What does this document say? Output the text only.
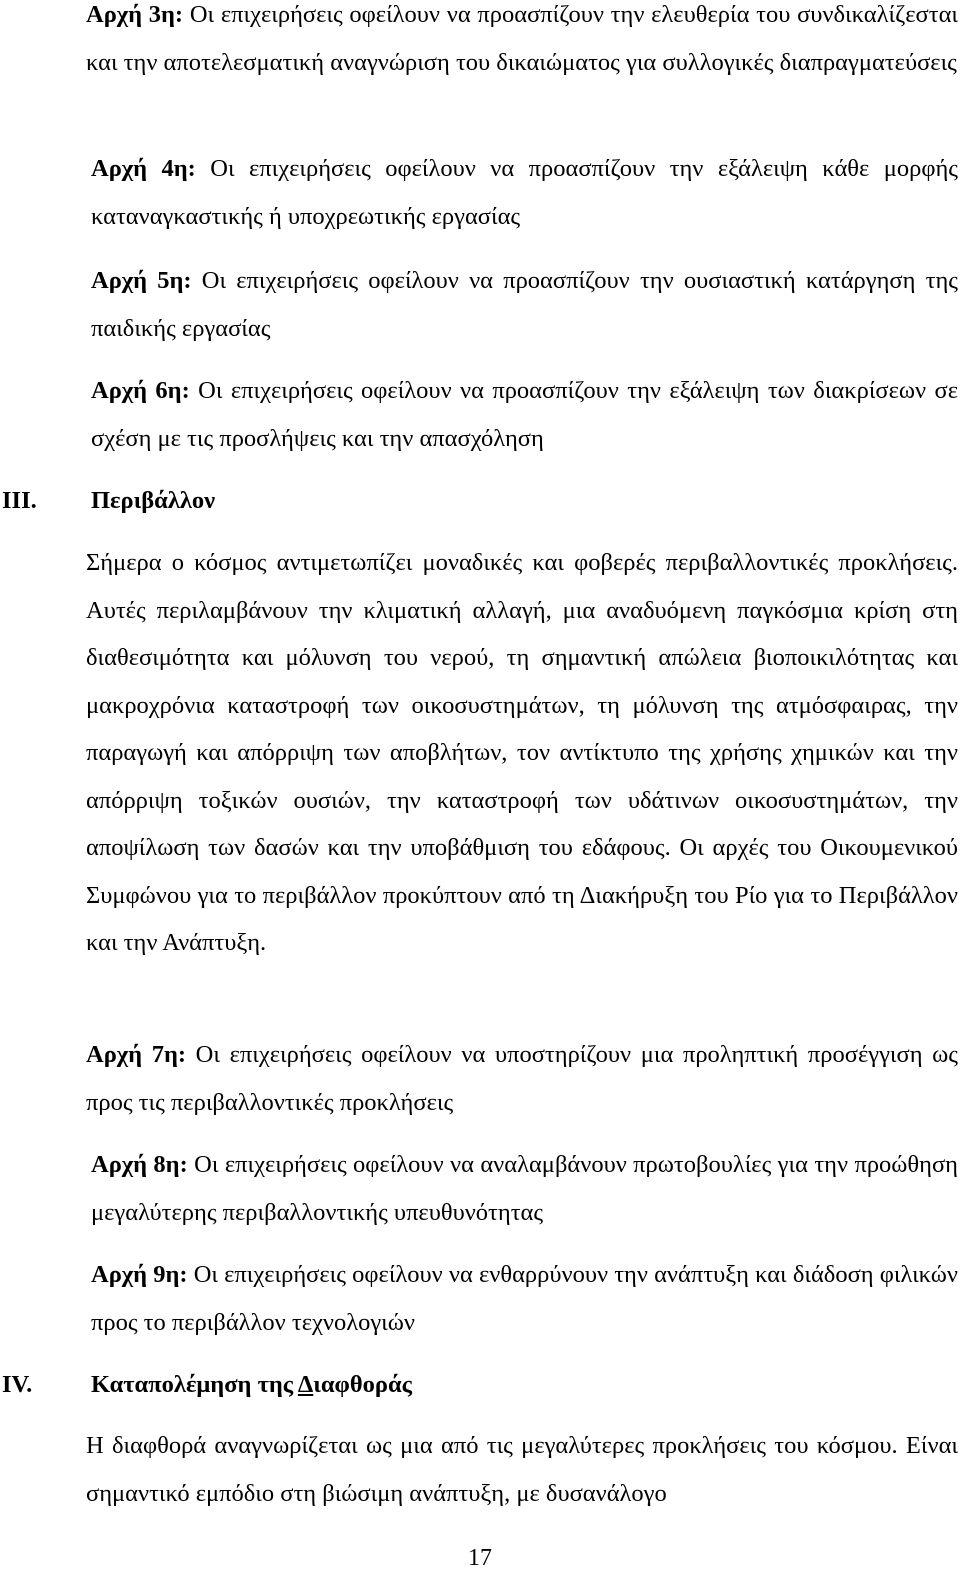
Αρχή 3η: Οι επιχειρήσεις οφείλουν να προασπίζουν την ελευθερία του συνδικαλίζεσται και την αποτελεσματική αναγνώριση του δικαιώματος για συλλογικές διαπραγματεύσεις

Αρχή 4η: Οι επιχειρήσεις οφείλουν να προασπίζουν την εξάλειψη κάθε μορφής καταναγκαστικής ή υποχρεωτικής εργασίας

Αρχή 5η: Οι επιχειρήσεις οφείλουν να προασπίζουν την ουσιαστική κατάργηση της παιδικής εργασίας

Αρχή 6η: Οι επιχειρήσεις οφείλουν να προασπίζουν την εξάλειψη των διακρίσεων σε σχέση με τις προσλήψεις και την απασχόληση

III. Περιβάλλον

Σήμερα ο κόσμος αντιμετωπίζει μοναδικές και φοβερές περιβαλλοντικές προκλήσεις. Αυτές περιλαμβάνουν την κλιματική αλλαγή, μια αναδυόμενη παγκόσμια κρίση στη διαθεσιμότητα και μόλυνση του νερού, τη σημαντική απώλεια βιοποικιλότητας και μακροχρόνια καταστροφή των οικοσυστημάτων, τη μόλυνση της ατμόσφαιρας, την παραγωγή και απόρριψη των αποβλήτων, τον αντίκτυπο της χρήσης χημικών και την απόρριψη τοξικών ουσιών, την καταστροφή των υδάτινων οικοσυστημάτων, την αποψίλωση των δασών και την υποβάθμιση του εδάφους. Οι αρχές του Οικουμενικού Συμφώνου για το περιβάλλον προκύπτουν από τη Διακήρυξη του Ρίο για το Περιβάλλον και την Ανάπτυξη.

Αρχή 7η: Οι επιχειρήσεις οφείλουν να υποστηρίζουν μια προληπτική προσέγγιση ως προς τις περιβαλλοντικές προκλήσεις

Αρχή 8η: Οι επιχειρήσεις οφείλουν να αναλαμβάνουν πρωτοβουλίες για την προώθηση μεγαλύτερης περιβαλλοντικής υπευθυνότητας

Αρχή 9η: Οι επιχειρήσεις οφείλουν να ενθαρρύνουν την ανάπτυξη και διάδοση φιλικών προς το περιβάλλον τεχνολογιών

IV. Καταπολέμηση της Διαφθοράς

Η διαφθορά αναγνωρίζεται ως μια από τις μεγαλύτερες προκλήσεις του κόσμου. Είναι σημαντικό εμπόδιο στη βιώσιμη ανάπτυξη, με δυσανάλογο

17
